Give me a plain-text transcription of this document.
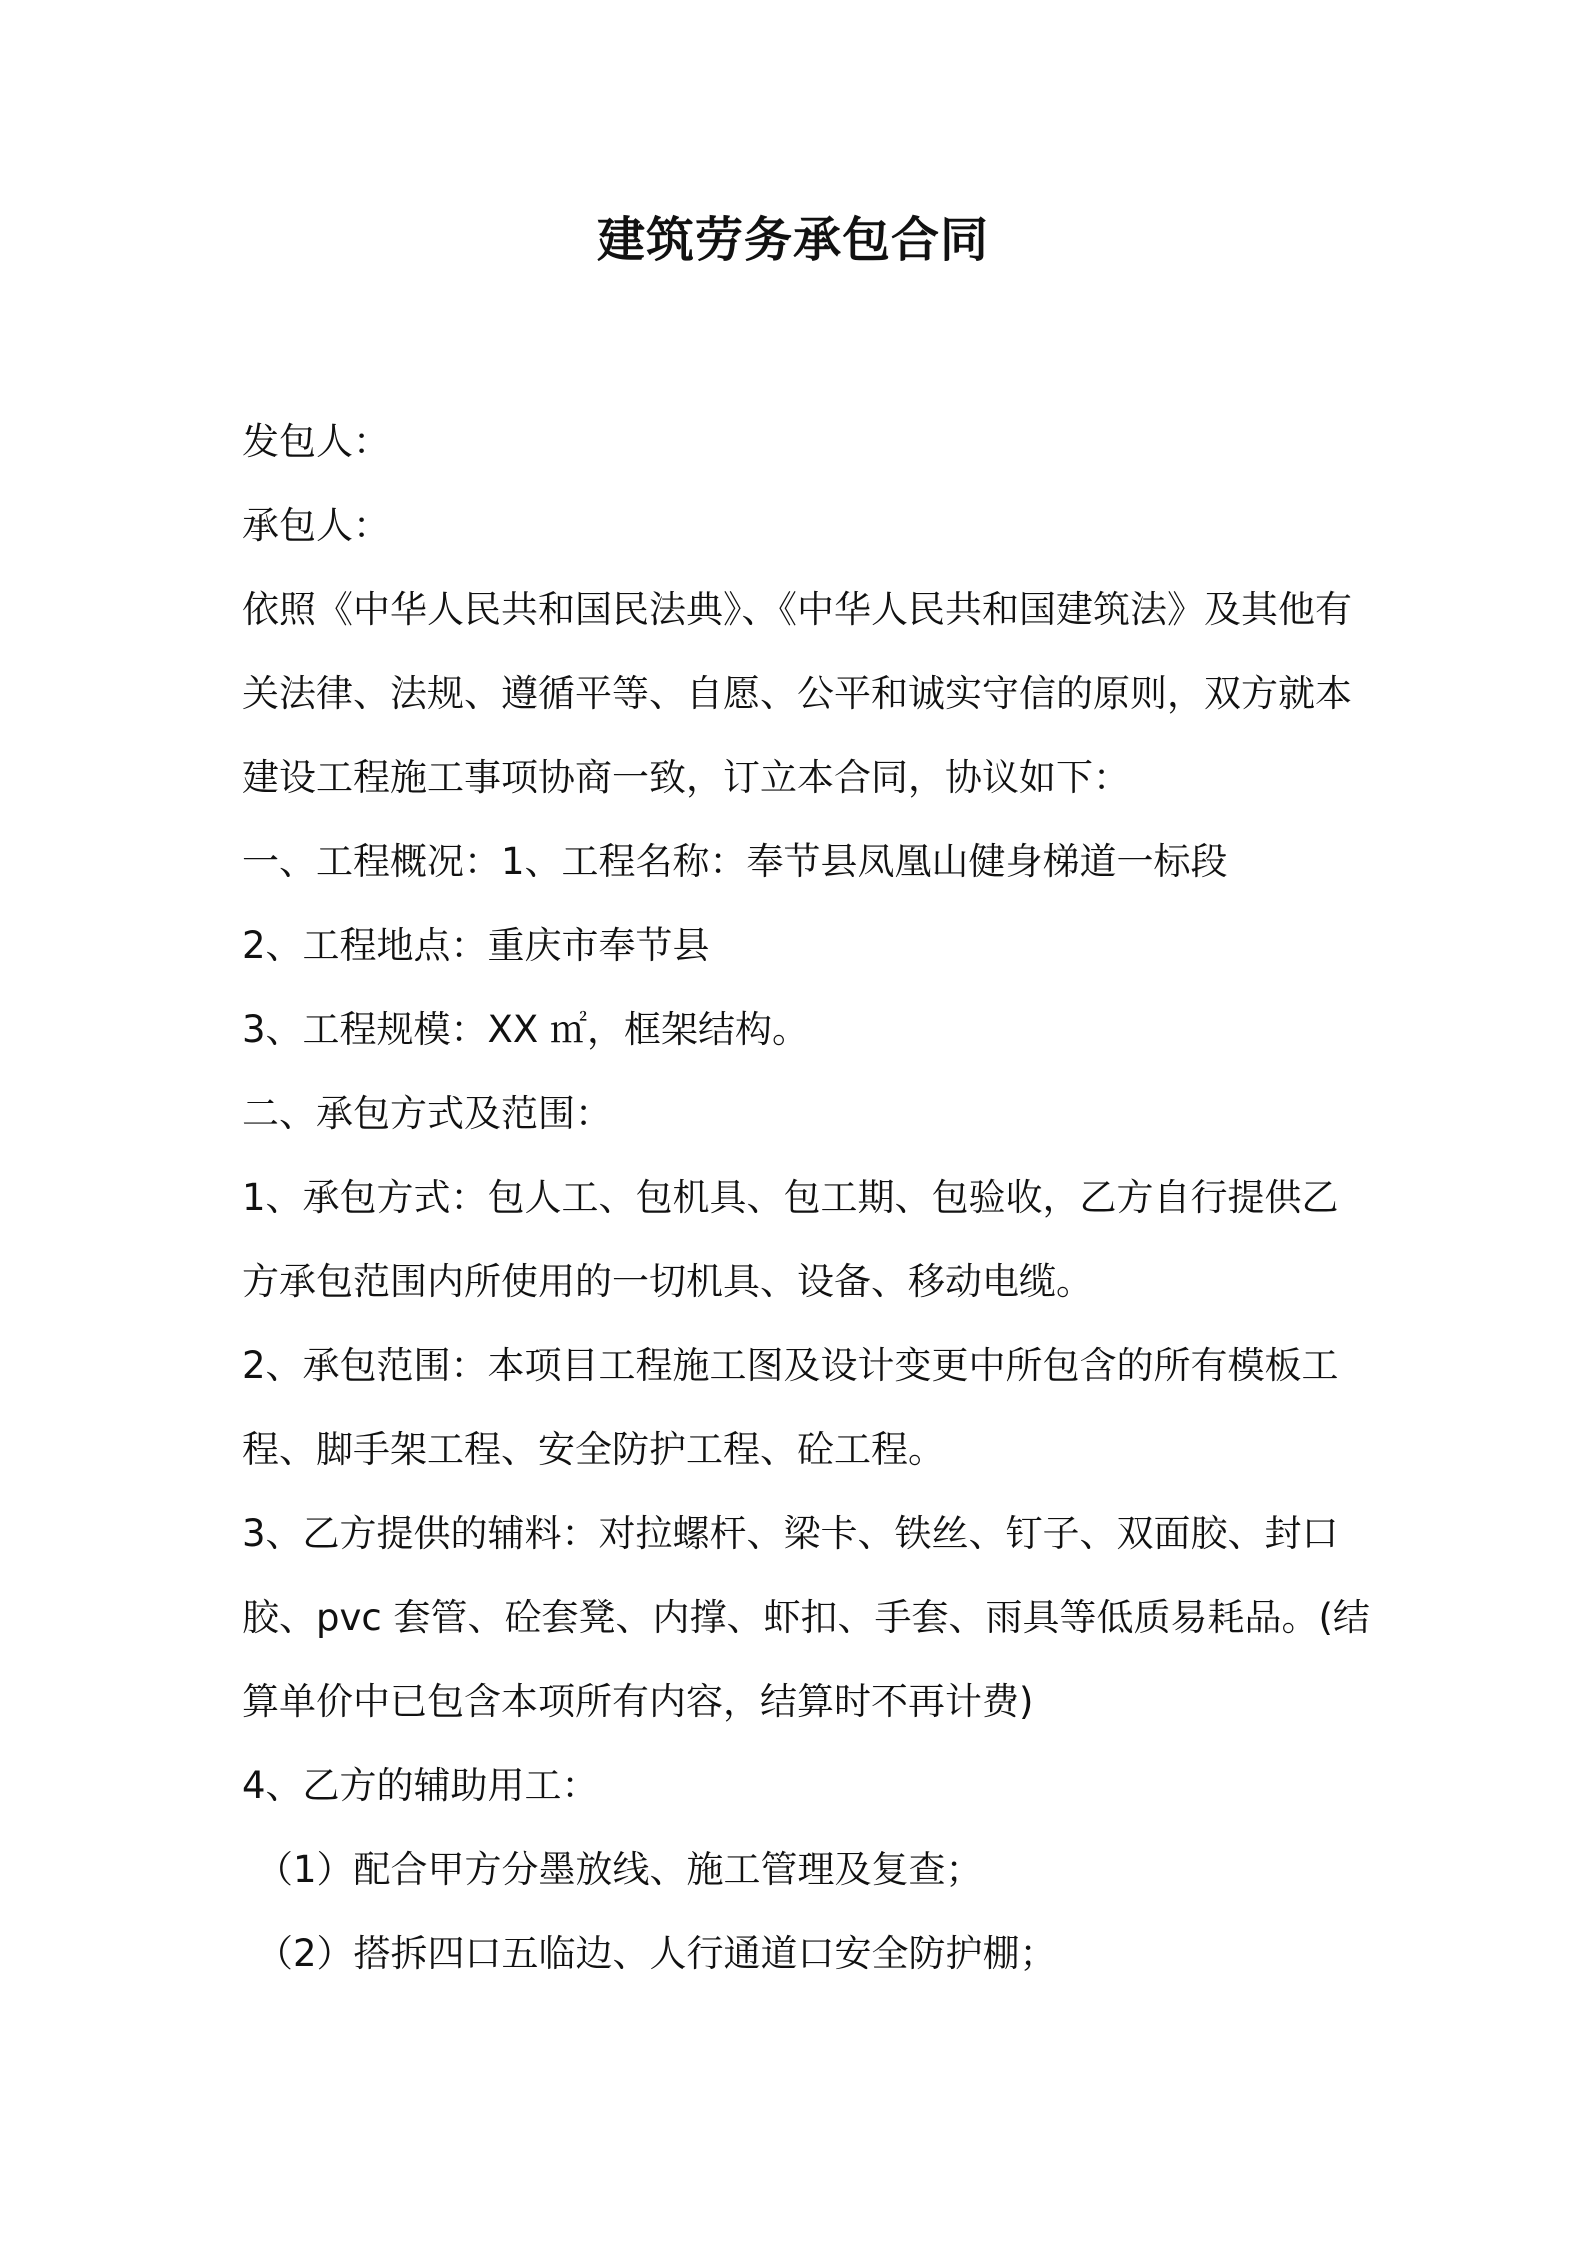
建筑劳务承包合同

发包人：

承包人：

依照《中华人民共和国民法典》、《中华人民共和国建筑法》及其他有

关法律、法规、遵循平等、自愿、公平和诚实守信的原则，双方就本

建设工程施工事项协商一致，订立本合同，协议如下：

一、工程概况：1、工程名称：奉节县凤凰山健身梯道一标段

2、工程地点：重庆市奉节县

3、工程规模：XX ㎡，框架结构。

二、承包方式及范围：

1、承包方式：包人工、包机具、包工期、包验收，乙方自行提供乙

方承包范围内所使用的一切机具、设备、移动电缆。

2、承包范围：本项目工程施工图及设计变更中所包含的所有模板工

程、脚手架工程、安全防护工程、砼工程。

3、乙方提供的辅料：对拉螺杆、梁卡、铁丝、钉子、双面胶、封口

胶、pvc 套管、砼套凳、内撑、虾扣、手套、雨具等低质易耗品。(结

算单价中已包含本项所有内容，结算时不再计费)

4、乙方的辅助用工：

（1）配合甲方分墨放线、施工管理及复查；

（2）搭拆四口五临边、人行通道口安全防护棚；
